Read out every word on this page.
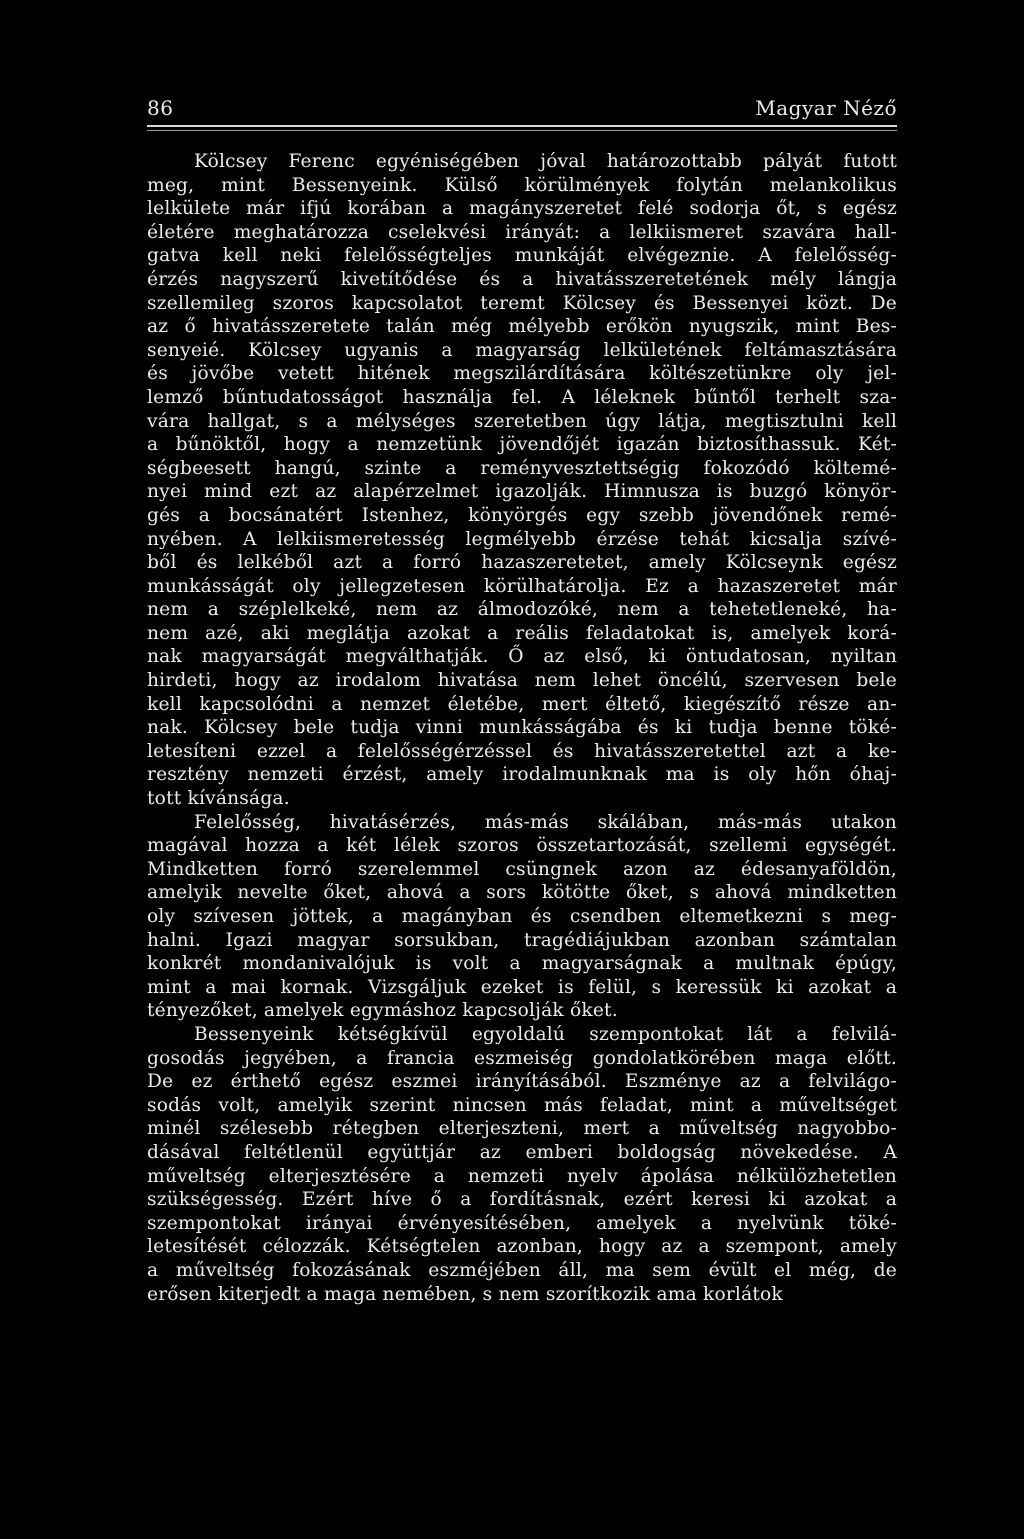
86	Magyar Néző
Kölcsey Ferenc egyéniségében jóval határozottabb pályát futott
meg, mint Bessenyeink. Külső körülmények folytán melankolikus
lelkülete már ifjú korában a magányszeretet felé sodorja őt, s egész
életére meghatározza cselekvési irányát: a lelkiismeret szavára hall-
gatva kell neki felelősségteljes munkáját elvégeznie. A felelősség-
érzés nagyszerű kivetítődése és a hivatásszeretetének mély lángja
szellemileg szoros kapcsolatot teremt Kölcsey és Bessenyei közt. De
az ő hivatásszeretete talán még mélyebb erőkön nyugszik, mint Bes-
senyeié. Kölcsey ugyanis a magyarság lelkületének feltámasztására
és jövőbe vetett hitének megszilárdítására költészetünkre oly jel-
lemző bűntudatosságot használja fel. A léleknek bűntől terhelt sza-
vára hallgat, s a mélységes szeretetben úgy látja, megtisztulni kell
a bűnöktől, hogy a nemzetünk jövendőjét igazán biztosíthassuk. Két-
ségbeesett hangú, szinte a reményvesztettségig fokozódó költemé-
nyei mind ezt az alapérzelmet igazolják. Himnusza is buzgó könyör-
gés a bocsánatért Istenhez, könyörgés egy szebb jövendőnek remé-
nyében. A lelkiismeretesség legmélyebb érzése tehát kicsalja szívé-
ből és lelkéből azt a forró hazaszeretetet, amely Kölcseynk egész
munkásságát oly jellegzetesen körülhatárolja. Ez a hazaszeretet már
nem a széplelkeké, nem az álmodozóké, nem a tehetetleneké, ha-
nem azé, aki meglátja azokat a reális feladatokat is, amelyek korá-
nak magyarságát megválthatják. Ő az első, ki öntudatosan, nyiltan
hirdeti, hogy az irodalom hivatása nem lehet öncélú, szervesen bele
kell kapcsolódni a nemzet életébe, mert éltető, kiegészítő része an-
nak. Kölcsey bele tudja vinni munkásságába és ki tudja benne töké-
letesíteni ezzel a felelősségérzéssel és hivatásszeretettel azt a ke-
resztény nemzeti érzést, amely irodalmunknak ma is oly hőn óhaj-
tott kívánsága.
Felelősség, hivatásérzés, más-más skálában, más-más utakon
magával hozza a két lélek szoros összetartozását, szellemi egységét.
Mindketten forró szerelemmel csüngnek azon az édesanyaföldön,
amelyik nevelte őket, ahová a sors kötötte őket, s ahová mindketten
oly szívesen jöttek, a magányban és csendben eltemetkezni s meg-
halni. Igazi magyar sorsukban, tragédiájukban azonban számtalan
konkrét mondanivalójuk is volt a magyarságnak a multnak épúgy,
mint a mai kornak. Vizsgáljuk ezeket is felül, s keressük ki azokat a
tényezőket, amelyek egymáshoz kapcsolják őket.
Bessenyeink kétségkívül egyoldalú szempontokat lát a felvilá-
gosodás jegyében, a francia eszmeiség gondolatkörében maga előtt.
De ez érthető egész eszmei irányításából. Eszménye az a felvilágo-
sodás volt, amelyik szerint nincsen más feladat, mint a műveltséget
minél szélesebb rétegben elterjeszteni, mert a műveltség nagyobbo-
dásával feltétlenül együttjár az emberi boldogság növekedése. A
műveltség elterjesztésére a nemzeti nyelv ápolása nélkülözhetetlen
szükségesség. Ezért híve ő a fordításnak, ezért keresi ki azokat a
szempontokat irányai érvényesítésében, amelyek a nyelvünk töké-
letesítését célozzák. Kétségtelen azonban, hogy az a szempont, amely
a műveltség fokozásának eszméjében áll, ma sem évült el még, de
erősen kiterjedt a maga nemében, s nem szorítkozik ama korlátok
